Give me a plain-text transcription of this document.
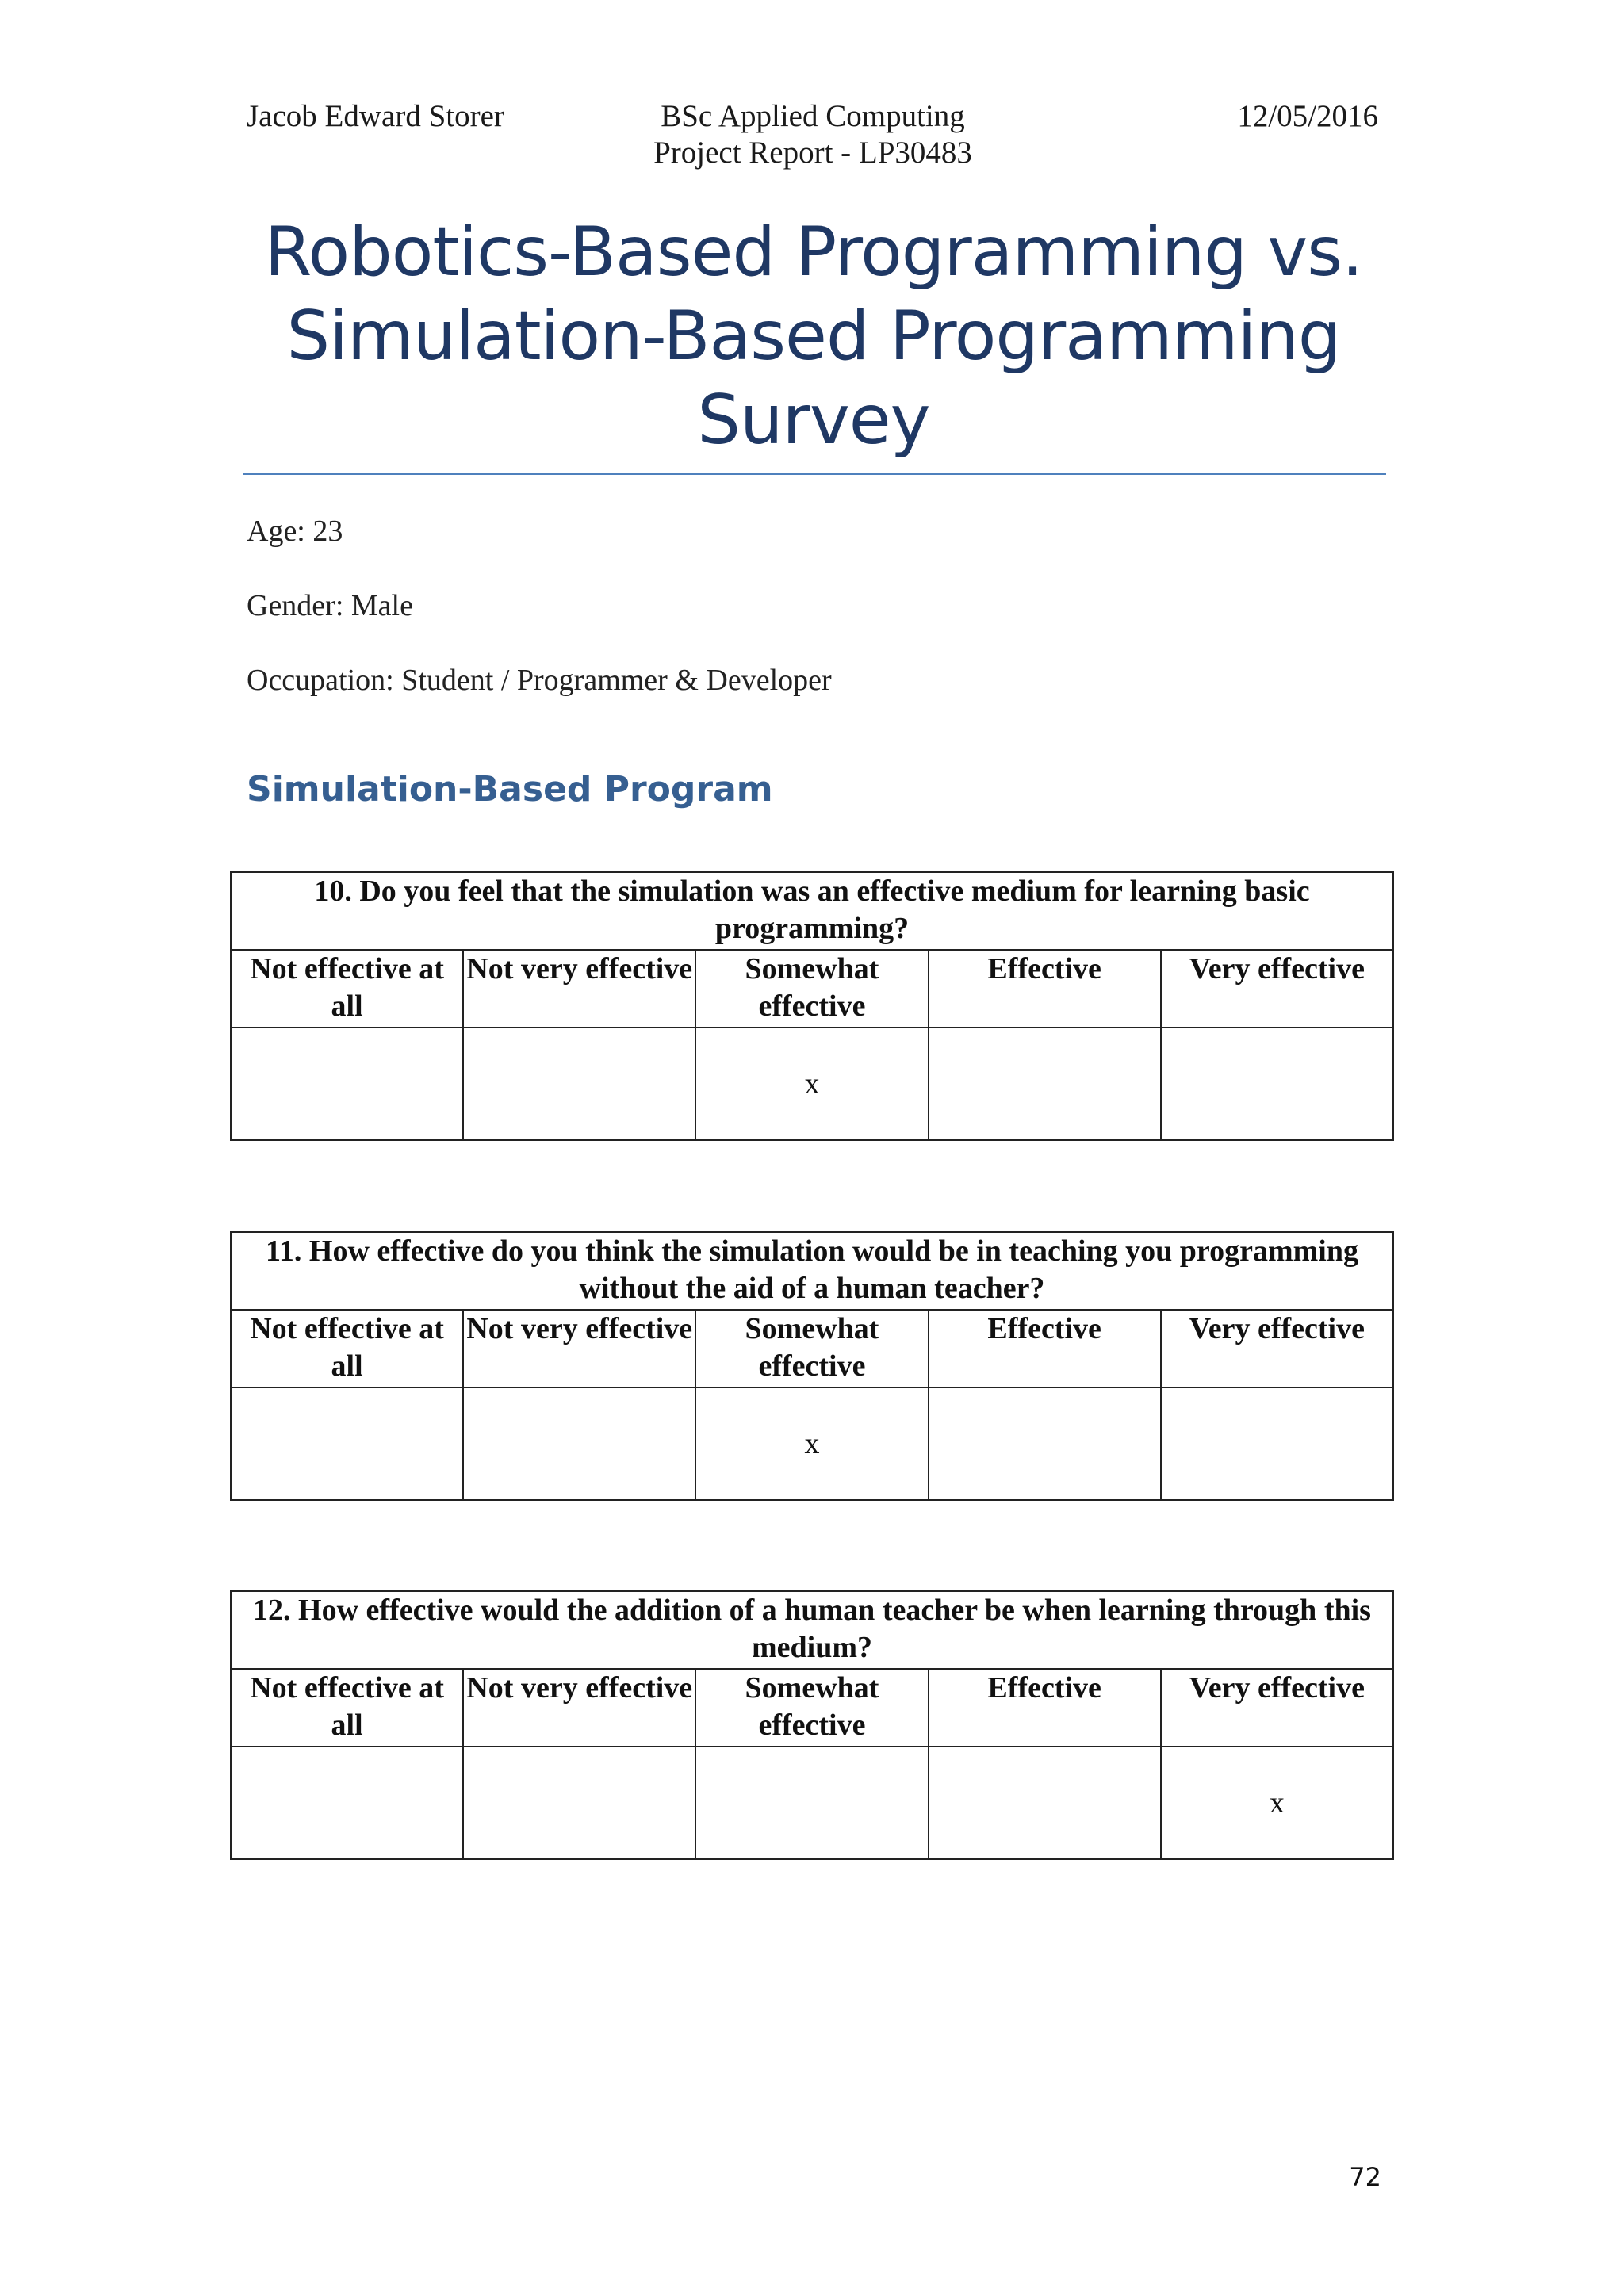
Jacob Edward Storer	BSc Applied Computing
Project Report - LP30483
12/05/2016
Robotics-Based Programming vs.
Simulation-Based Programming
Survey
Age: 23
Gender: Male
Occupation: Student / Programmer & Developer
Simulation-Based Program
10. Do you feel that the simulation was an effective medium for learning basic programming?				
Not effective at all	Not very effective	Somewhat effective	Effective	Very effective
		x		
11. How effective do you think the simulation would be in teaching you programming without the aid of a human teacher?				
Not effective at all	Not very effective	Somewhat effective	Effective	Very effective
		x		
12. How effective would the addition of a human teacher be when learning through this medium?				
Not effective at all	Not very effective	Somewhat effective	Effective	Very effective
				x
72
